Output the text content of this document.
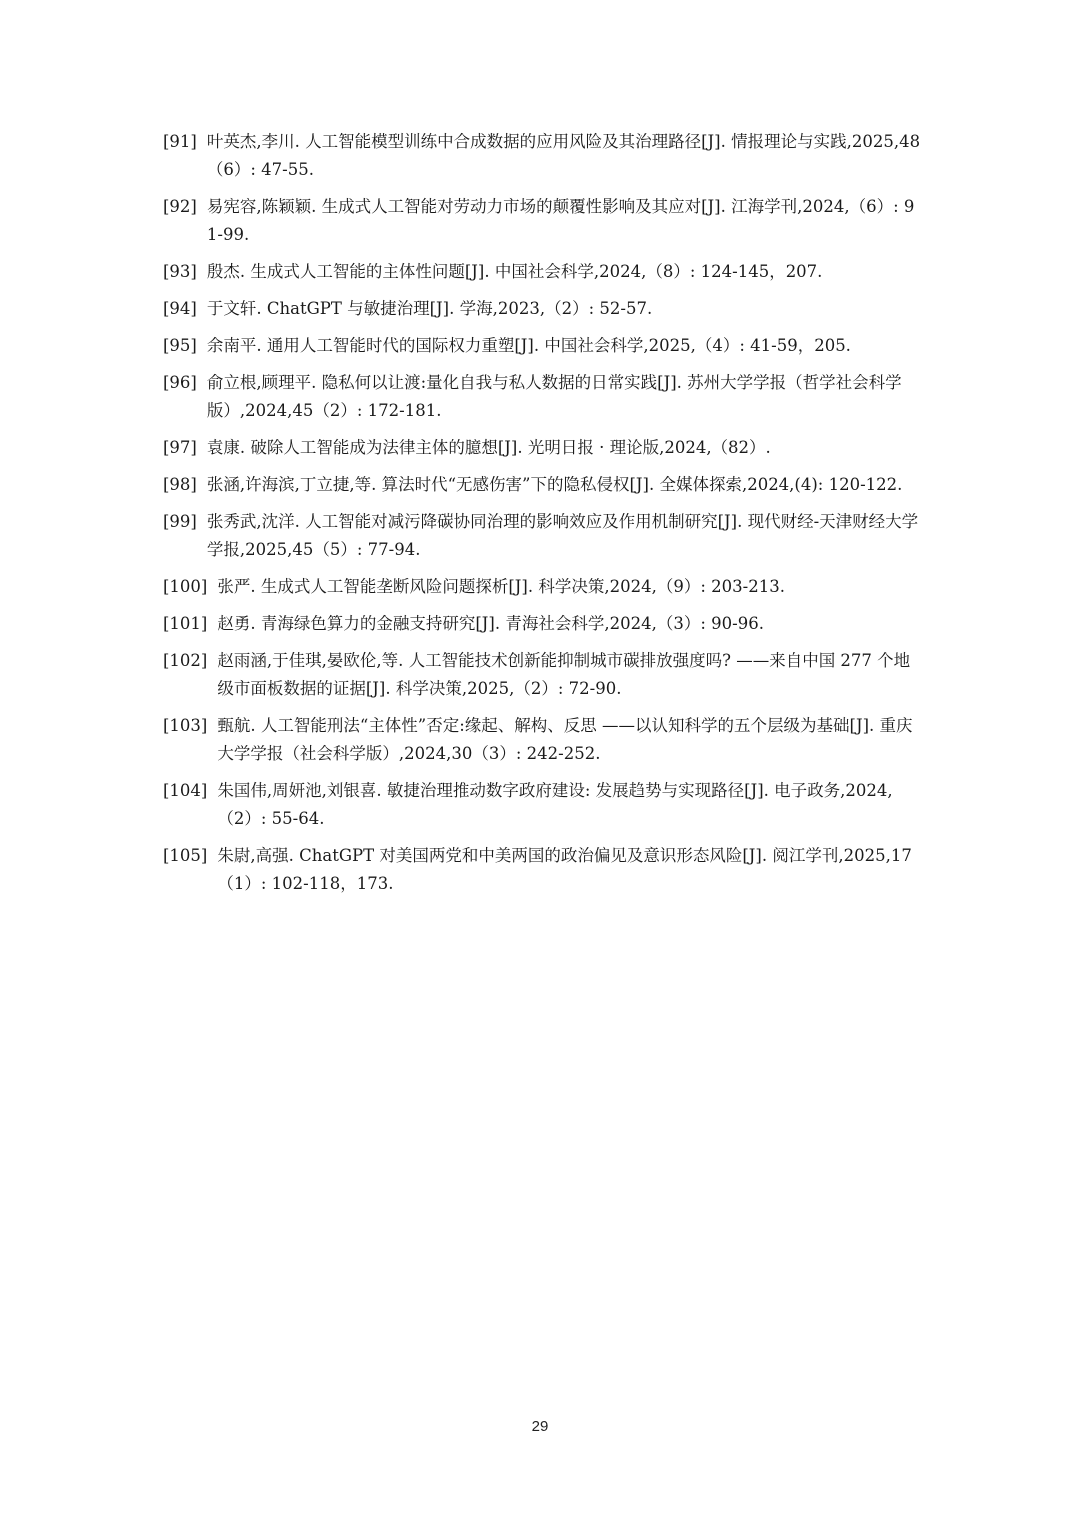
[91] 叶英杰,李川. 人工智能模型训练中合成数据的应用风险及其治理路径[J]. 情报理论与实践,2025,48（6）: 47-55.
[92] 易宪容,陈颖颖. 生成式人工智能对劳动力市场的颠覆性影响及其应对[J]. 江海学刊,2024,（6）: 91-99.
[93] 殷杰. 生成式人工智能的主体性问题[J]. 中国社会科学,2024,（8）: 124-145，207.
[94] 于文轩. ChatGPT 与敏捷治理[J]. 学海,2023,（2）: 52-57.
[95] 余南平. 通用人工智能时代的国际权力重塑[J]. 中国社会科学,2025,（4）: 41-59，205.
[96] 俞立根,顾理平. 隐私何以让渡:量化自我与私人数据的日常实践[J]. 苏州大学学报（哲学社会科学版）,2024,45（2）: 172-181.
[97] 袁康. 破除人工智能成为法律主体的臆想[J]. 光明日报 · 理论版,2024,（82）.
[98] 张涵,许海滨,丁立捷,等. 算法时代“无感伤害”下的隐私侵权[J]. 全媒体探索,2024,(4): 120-122.
[99] 张秀武,沈洋. 人工智能对减污降碳协同治理的影响效应及作用机制研究[J]. 现代财经-天津财经大学学报,2025,45（5）: 77-94.
[100] 张严. 生成式人工智能垄断风险问题探析[J]. 科学决策,2024,（9）: 203-213.
[101] 赵勇. 青海绿色算力的金融支持研究[J]. 青海社会科学,2024,（3）: 90-96.
[102] 赵雨涵,于佳琪,晏欧伦,等. 人工智能技术创新能抑制城市碳排放强度吗? ——来自中国 277 个地级市面板数据的证据[J]. 科学决策,2025,（2）: 72-90.
[103] 甄航. 人工智能刑法“主体性”否定:缘起、解构、反思 ——以认知科学的五个层级为基础[J]. 重庆大学学报（社会科学版）,2024,30（3）: 242-252.
[104] 朱国伟,周妍池,刘银喜. 敏捷治理推动数字政府建设: 发展趋势与实现路径[J]. 电子政务,2024,（2）: 55-64.
[105] 朱尉,高强. ChatGPT 对美国两党和中美两国的政治偏见及意识形态风险[J]. 阅江学刊,2025,17（1）: 102-118，173.
29
